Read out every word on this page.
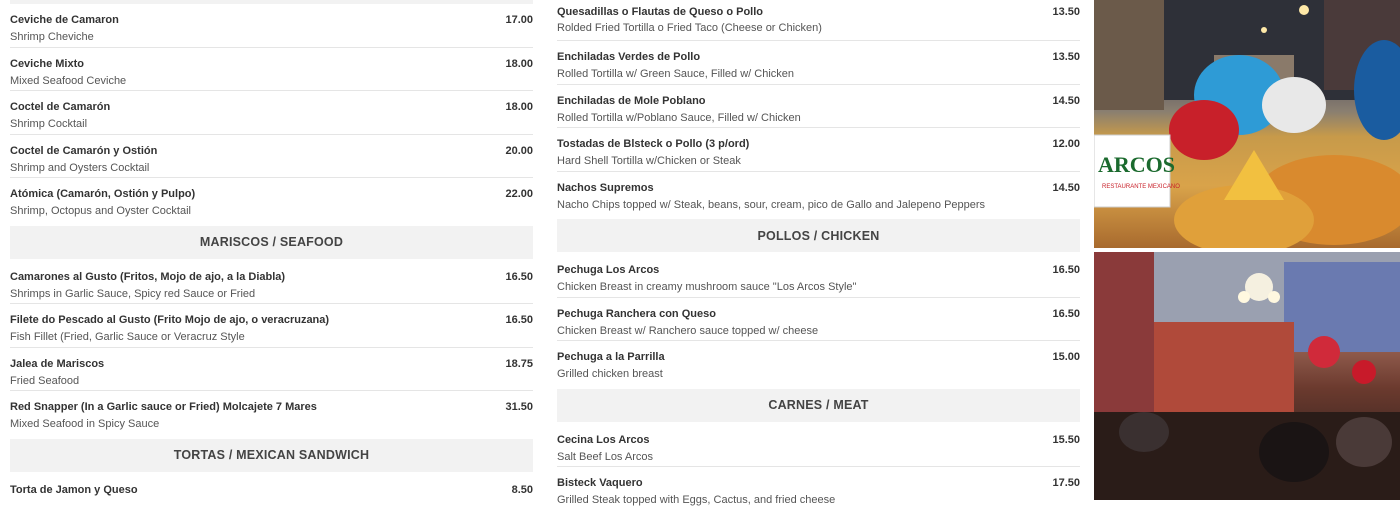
Ceviche de Camaron	17.00
Shrimp Cheviche
Ceviche Mixto	18.00
Mixed Seafood Ceviche
Coctel de Camarón	18.00
Shrimp Cocktail
Coctel de Camarón y Ostión	20.00
Shrimp and Oysters Cocktail
Atómica (Camarón, Ostión y Pulpo)	22.00
Shrimp, Octopus and Oyster Cocktail
MARISCOS / SEAFOOD
Camarones al Gusto (Fritos, Mojo de ajo, a la Diabla)	16.50
Shrimps in Garlic Sauce, Spicy red Sauce or Fried
Filete do Pescado al Gusto (Frito Mojo de ajo, o veracruzana)	16.50
Fish Fillet (Fried, Garlic Sauce or Veracruz Style
Jalea de Mariscos	18.75
Fried Seafood
Red Snapper (In a Garlic sauce or Fried) Molcajete 7 Mares	31.50
Mixed Seafood in Spicy Sauce
TORTAS / MEXICAN SANDWICH
Torta de Jamon y Queso	8.50
Quesadillas o Flautas de Queso o Pollo	13.50
Rolded Fried Tortilla o Fried Taco (Cheese or Chicken)
Enchiladas Verdes de Pollo	13.50
Rolled Tortilla w/ Green Sauce, Filled w/ Chicken
Enchiladas de Mole Poblano	14.50
Rolled Tortilla w/Poblano Sauce, Filled w/ Chicken
Tostadas de Blsteck o Pollo (3 p/ord)	12.00
Hard Shell Tortilla w/Chicken or Steak
Nachos Supremos	14.50
Nacho Chips topped w/ Steak, beans, sour, cream, pico de Gallo and Jalepeno Peppers
POLLOS / CHICKEN
Pechuga Los Arcos	16.50
Chicken Breast in creamy mushroom sauce "Los Arcos Style"
Pechuga Ranchera con Queso	16.50
Chicken Breast w/ Ranchero sauce topped w/ cheese
Pechuga a la Parrilla	15.00
Grilled chicken breast
CARNES / MEAT
Cecina Los Arcos	15.50
Salt Beef Los Arcos
Bisteck Vaquero	17.50
Grilled Steak topped with Eggs, Cactus, and fried cheese
ARCOS
RESTAURANTE MEXICANO
